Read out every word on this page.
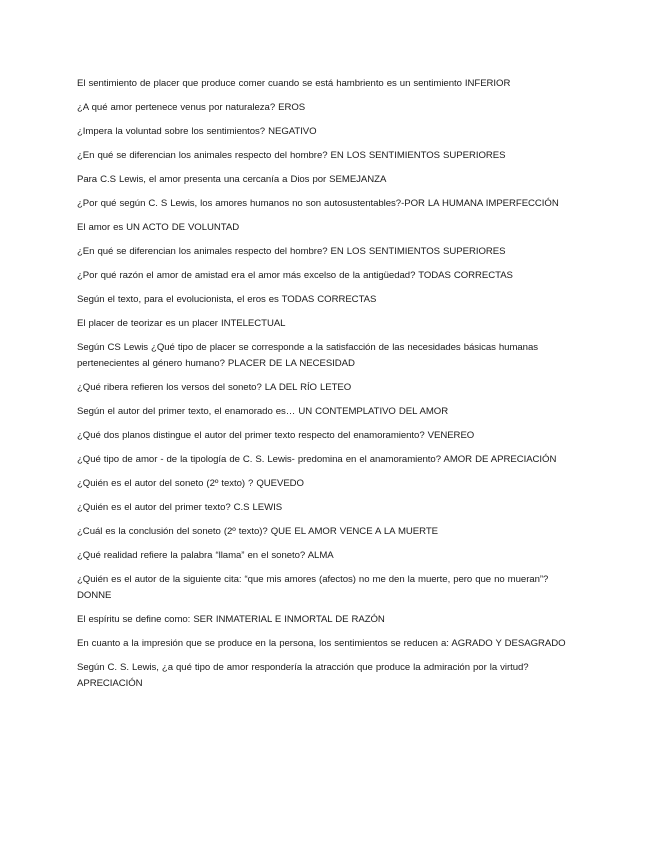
El sentimiento de placer que produce comer cuando se está hambriento es un sentimiento INFERIOR

¿A qué amor pertenece venus por naturaleza? EROS

¿Impera la voluntad sobre los sentimientos? NEGATIVO

¿En qué se diferencian los animales respecto del hombre? EN LOS SENTIMIENTOS SUPERIORES

Para C.S Lewis, el amor presenta una cercanía a Dios por SEMEJANZA

¿Por qué según C. S Lewis, los amores humanos no son autosustentables?-POR LA HUMANA IMPERFECCIÓN

El amor es UN ACTO DE VOLUNTAD

¿En qué se diferencian los animales respecto del hombre? EN LOS SENTIMIENTOS SUPERIORES

¿Por qué razón el amor de amistad era el amor más excelso de la antigüedad? TODAS CORRECTAS

Según el texto, para el evolucionista, el eros es TODAS CORRECTAS

El placer de teorizar es un placer INTELECTUAL

Según CS Lewis ¿Qué tipo de placer se corresponde a la satisfacción de las necesidades básicas humanas pertenecientes al género humano? PLACER DE LA NECESIDAD

¿Qué ribera refieren los versos del soneto? LA DEL RÍO LETEO

Según el autor del primer texto, el enamorado es… UN CONTEMPLATIVO DEL AMOR

¿Qué dos planos distingue el autor del primer texto respecto del enamoramiento? VENEREO

¿Qué tipo de amor - de la tipología de C. S. Lewis- predomina en el anamoramiento? AMOR DE APRECIACIÓN

¿Quién es el autor del soneto (2º texto) ? QUEVEDO

¿Quién es el autor del primer texto? C.S LEWIS

¿Cuál es la conclusión del soneto (2º texto)? QUE EL AMOR VENCE A LA MUERTE

¿Qué realidad refiere la palabra “llama” en el soneto? ALMA

¿Quién es el autor de la siguiente cita: “que mis amores (afectos) no me den la muerte, pero que no mueran”? DONNE

El espíritu se define como: SER INMATERIAL E INMORTAL DE RAZÓN

En cuanto a la impresión que se produce en la persona, los sentimientos se reducen a: AGRADO Y DESAGRADO

Según C. S. Lewis, ¿a qué tipo de amor respondería la atracción que produce la admiración por la virtud? APRECIACIÓN
